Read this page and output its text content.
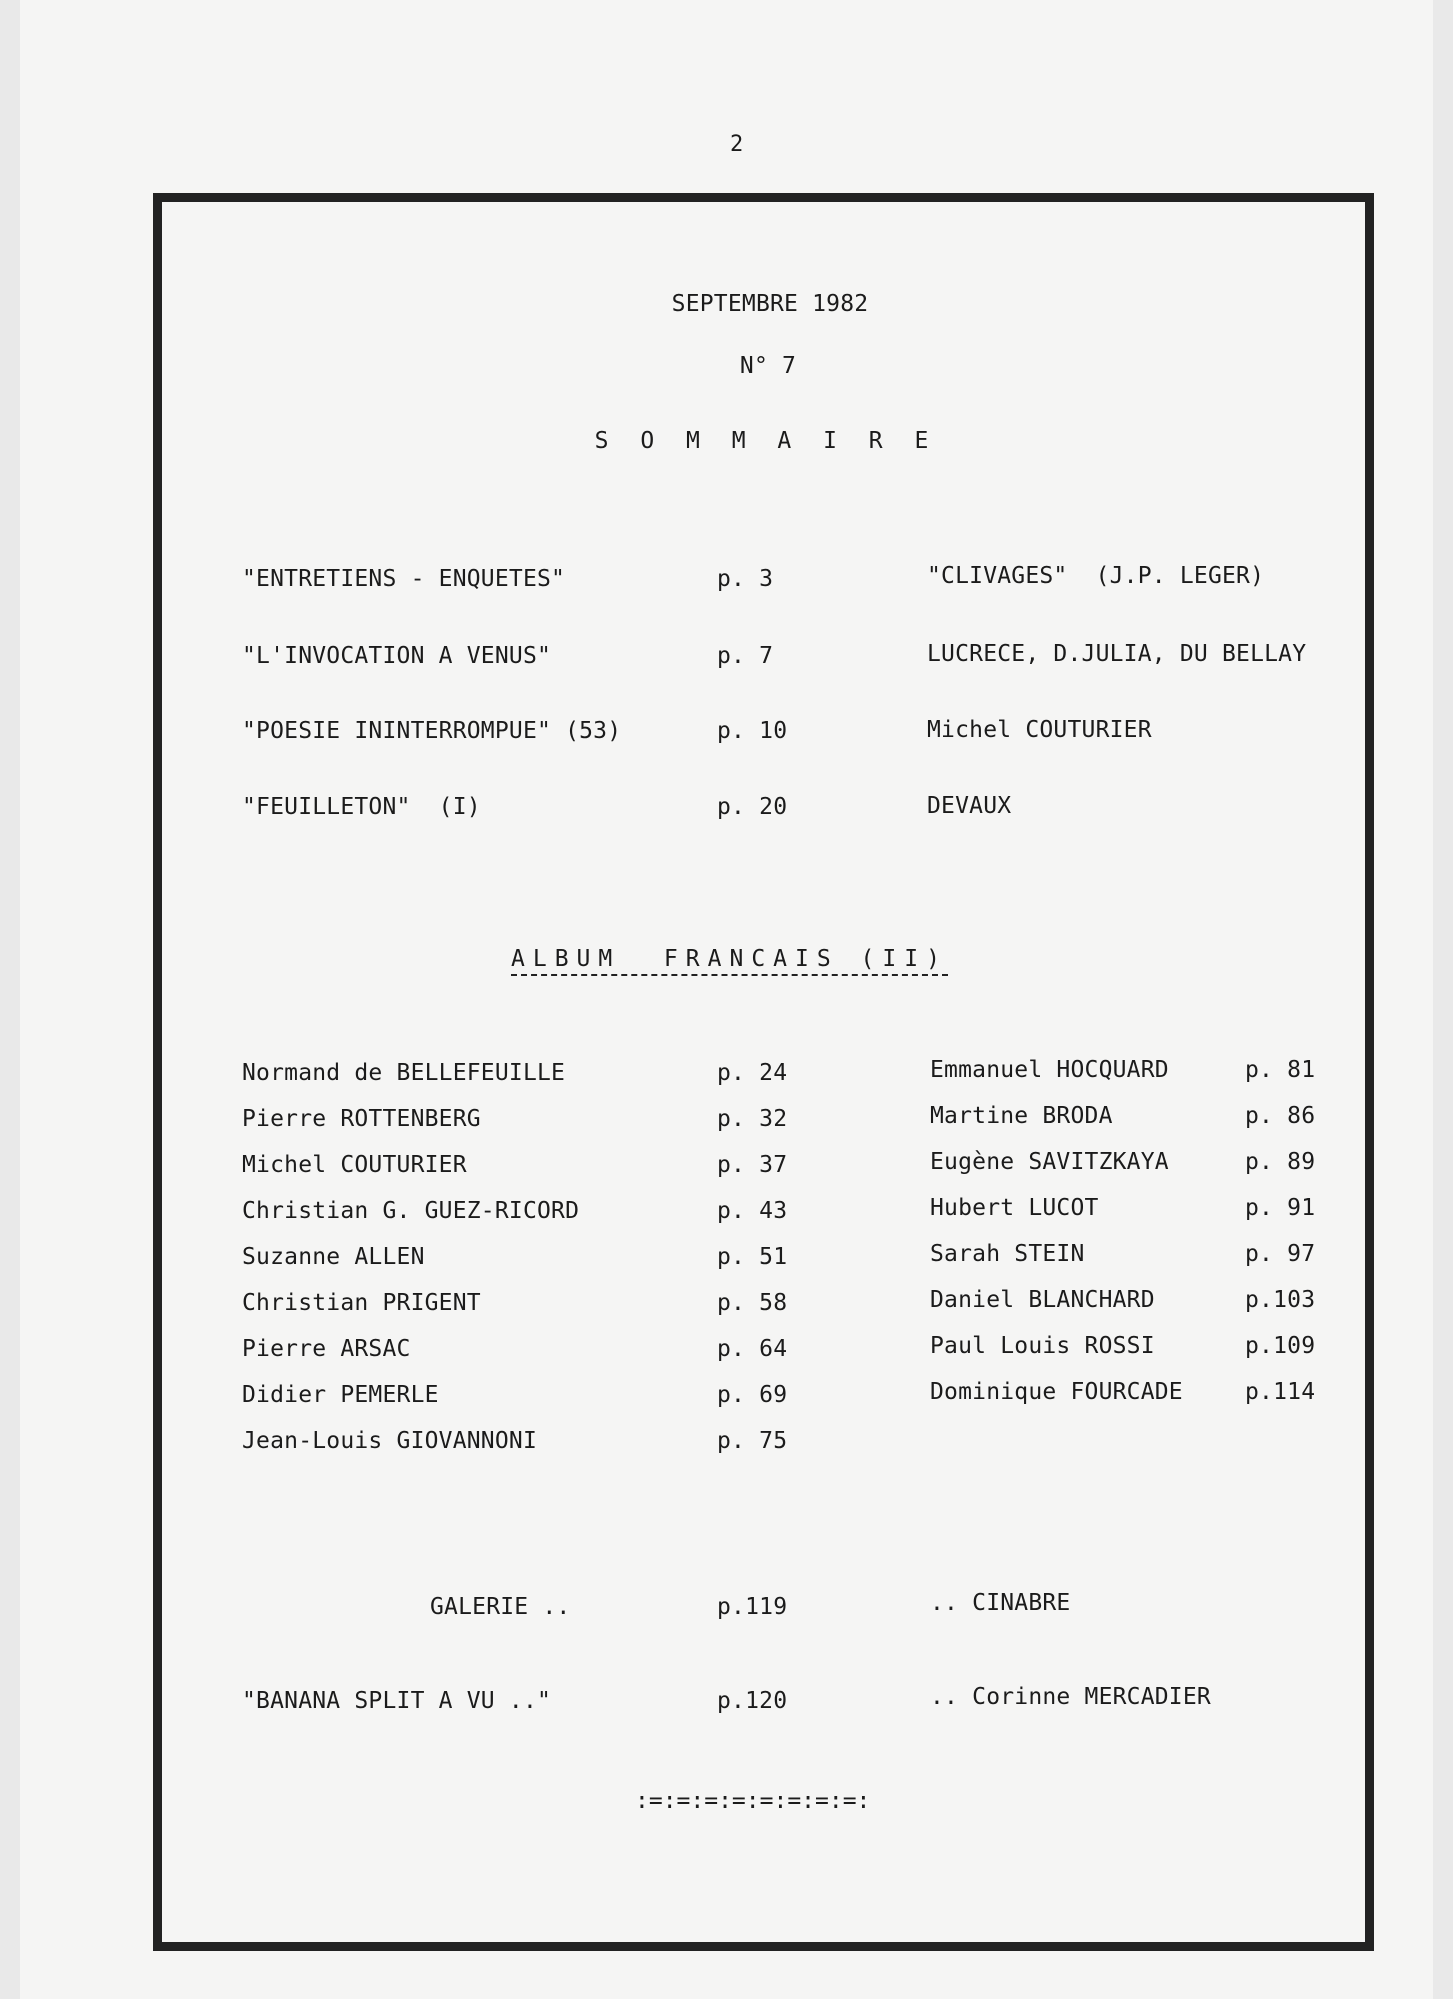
2
SEPTEMBRE 1982
N° 7
S O M M A I R E
"ENTRETIENS - ENQUETES"	p. 3	"CLIVAGES"  (J.P. LEGER)
"L'INVOCATION A VENUS"	p. 7	LUCRECE, D.JULIA, DU BELLAY
"POESIE ININTERROMPUE" (53)	p. 10	Michel COUTURIER
"FEUILLETON"  (I)	p. 20	DEVAUX
ALBUM  FRANCAIS (II)
Normand de BELLEFEUILLE	p. 24
Pierre ROTTENBERG	p. 32
Michel COUTURIER	p. 37
Christian G. GUEZ-RICORD	p. 43
Suzanne ALLEN	p. 51
Christian PRIGENT	p. 58
Pierre ARSAC	p. 64
Didier PEMERLE	p. 69
Jean-Louis GIOVANNONI	p. 75
Emmanuel HOCQUARD	p. 81
Martine BRODA	p. 86
Eugène SAVITZKAYA	p. 89
Hubert LUCOT	p. 91
Sarah STEIN	p. 97
Daniel BLANCHARD	p.103
Paul Louis ROSSI	p.109
Dominique FOURCADE	p.114
GALERIE ..	p.119	.. CINABRE
"BANANA SPLIT A VU .."	p.120	.. Corinne MERCADIER
:=:=:=:=:=:=:=:=:
